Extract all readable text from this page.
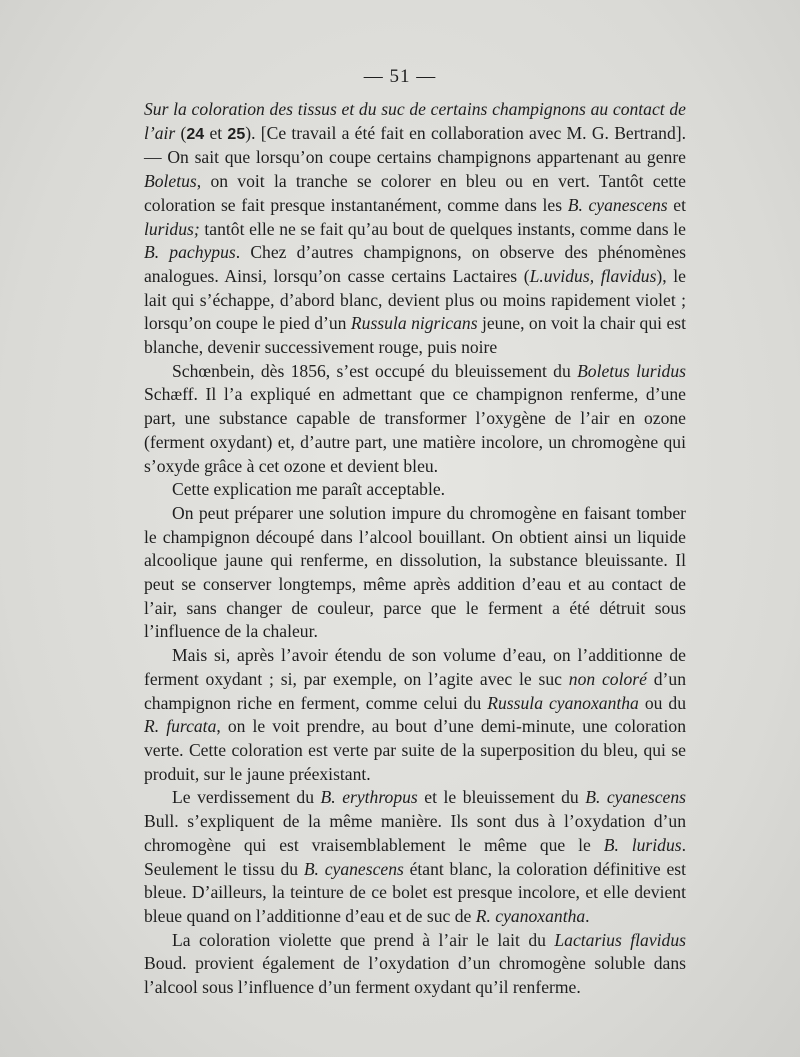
— 51 —

Sur la coloration des tissus et du suc de certains champignons au contact de l’air (24 et 25). [Ce travail a été fait en collaboration avec M. G. Bertrand]. — On sait que lorsqu’on coupe certains champignons appartenant au genre Boletus, on voit la tranche se colorer en bleu ou en vert. Tantôt cette coloration se fait presque instantanément, comme dans les B. cyanescens et luridus; tantôt elle ne se fait qu’au bout de quelques instants, comme dans le B. pachypus. Chez d’autres champignons, on observe des phénomènes analogues. Ainsi, lorsqu’on casse certains Lactaires (L.uvidus, flavidus), le lait qui s’échappe, d’abord blanc, devient plus ou moins rapidement violet ; lorsqu’on coupe le pied d’un Russula nigricans jeune, on voit la chair qui est blanche, devenir successivement rouge, puis noire

Schœnbein, dès 1856, s’est occupé du bleuissement du Boletus luridus Schæff. Il l’a expliqué en admettant que ce champignon renferme, d’une part, une substance capable de transformer l’oxygène de l’air en ozone (ferment oxydant) et, d’autre part, une matière incolore, un chromogène qui s’oxyde grâce à cet ozone et devient bleu.

Cette explication me paraît acceptable.

On peut préparer une solution impure du chromogène en faisant tomber le champignon découpé dans l’alcool bouillant. On obtient ainsi un liquide alcoolique jaune qui renferme, en dissolution, la substance bleuissante. Il peut se conserver longtemps, même après addition d’eau et au contact de l’air, sans changer de couleur, parce que le ferment a été détruit sous l’influence de la chaleur.

Mais si, après l’avoir étendu de son volume d’eau, on l’additionne de ferment oxydant ; si, par exemple, on l’agite avec le suc non coloré d’un champignon riche en ferment, comme celui du Russula cyanoxantha ou du R. furcata, on le voit prendre, au bout d’une demi-minute, une coloration verte. Cette coloration est verte par suite de la superposition du bleu, qui se produit, sur le jaune préexistant.

Le verdissement du B. erythropus et le bleuissement du B. cyanescens Bull. s’expliquent de la même manière. Ils sont dus à l’oxydation d’un chromogène qui est vraisemblablement le même que le B. luridus. Seulement le tissu du B. cyanescens étant blanc, la coloration définitive est bleue. D’ailleurs, la teinture de ce bolet est presque incolore, et elle devient bleue quand on l’additionne d’eau et de suc de R. cyanoxantha.

La coloration violette que prend à l’air le lait du Lactarius flavidus Boud. provient également de l’oxydation d’un chromogène soluble dans l’alcool sous l’influence d’un ferment oxydant qu’il renferme.
